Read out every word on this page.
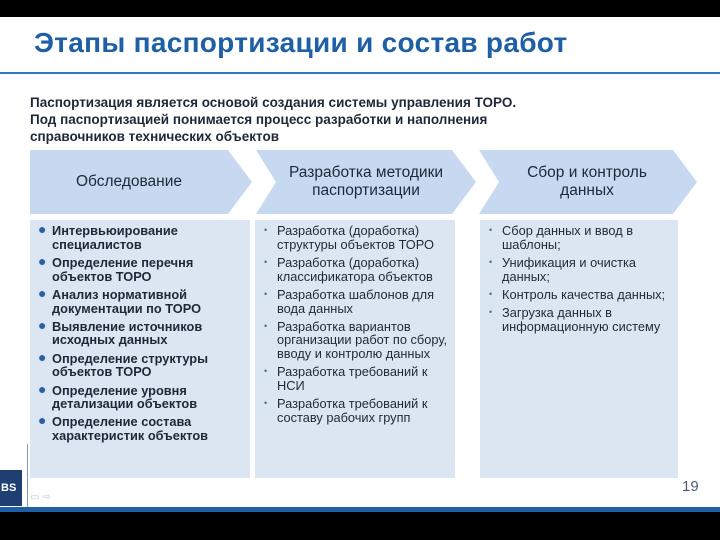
Этапы паспортизации и состав работ
Паспортизация является основой создания системы управления ТОРО.
Под паспортизацией понимается процесс разработки и наполнения
справочников технических объектов
Обследование
Разработка методики паспортизации
Сбор и контроль данных
● Интервьюирование специалистов
● Определение перечня объектов ТОРО
● Анализ нормативной документации по ТОРО
● Выявление источников исходных данных
● Определение структуры объектов ТОРО
● Определение уровня детализации объектов
● Определение состава характеристик объектов
• Разработка (доработка) структуры объектов ТОРО
• Разработка (доработка) классификатора объектов
• Разработка шаблонов для вода данных
• Разработка вариантов организации работ по сбору, вводу и контролю данных
• Разработка требований к НСИ
• Разработка требований к составу рабочих групп
• Сбор данных и ввод в шаблоны;
• Унификация и очистка данных;
• Контроль качества данных;
• Загрузка данных в информационную систему
BS
▭ ⇨
19
